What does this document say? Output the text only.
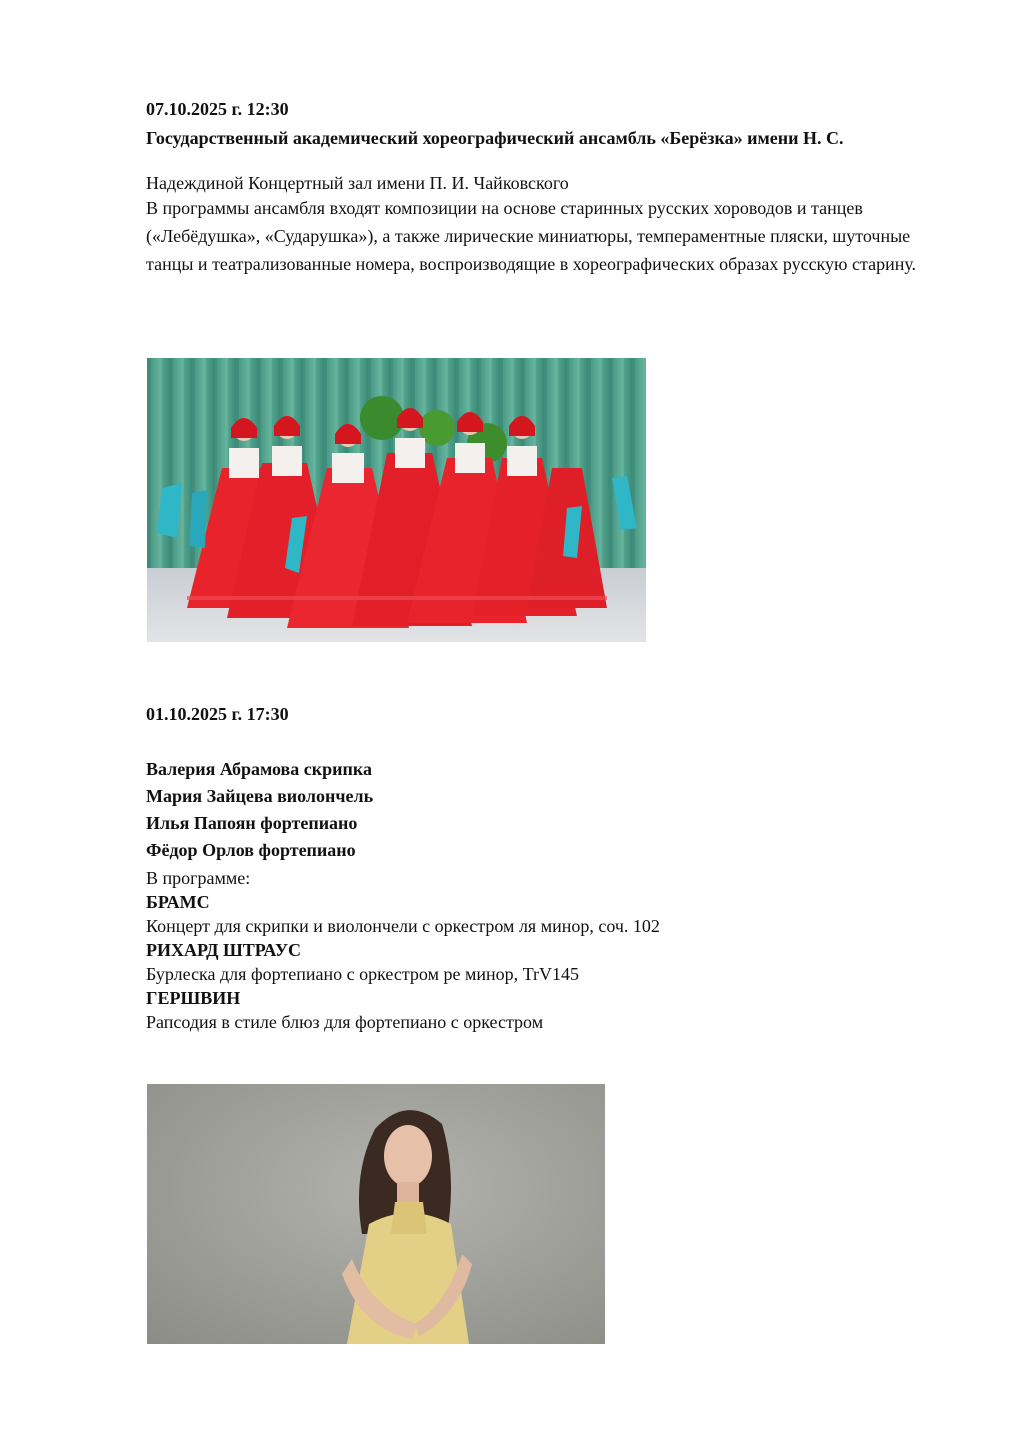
07.10.2025 г. 12:30
Государственный академический хореографический ансамбль «Берёзка» имени Н. С.
Надеждиной Концертный зал имени П. И. Чайковского
В программы ансамбля входят композиции на основе старинных русских хороводов и танцев («Лебёдушка», «Сударушка»), а также лирические миниатюры, темпераментные пляски, шуточные танцы и театрализованные номера, воспроизводящие в хореографических образах русскую старину.
01.10.2025 г. 17:30
Валерия Абрамова скрипка
Мария Зайцева виолончель
Илья Папоян фортепиано
Фёдор Орлов фортепиано
В программе:
БРАМС
Концерт для скрипки и виолончели с оркестром ля минор, соч. 102
РИХАРД ШТРАУС
Бурлеска для фортепиано с оркестром ре минор, TrV145
ГЕРШВИН
Рапсодия в стиле блюз для фортепиано с оркестром
